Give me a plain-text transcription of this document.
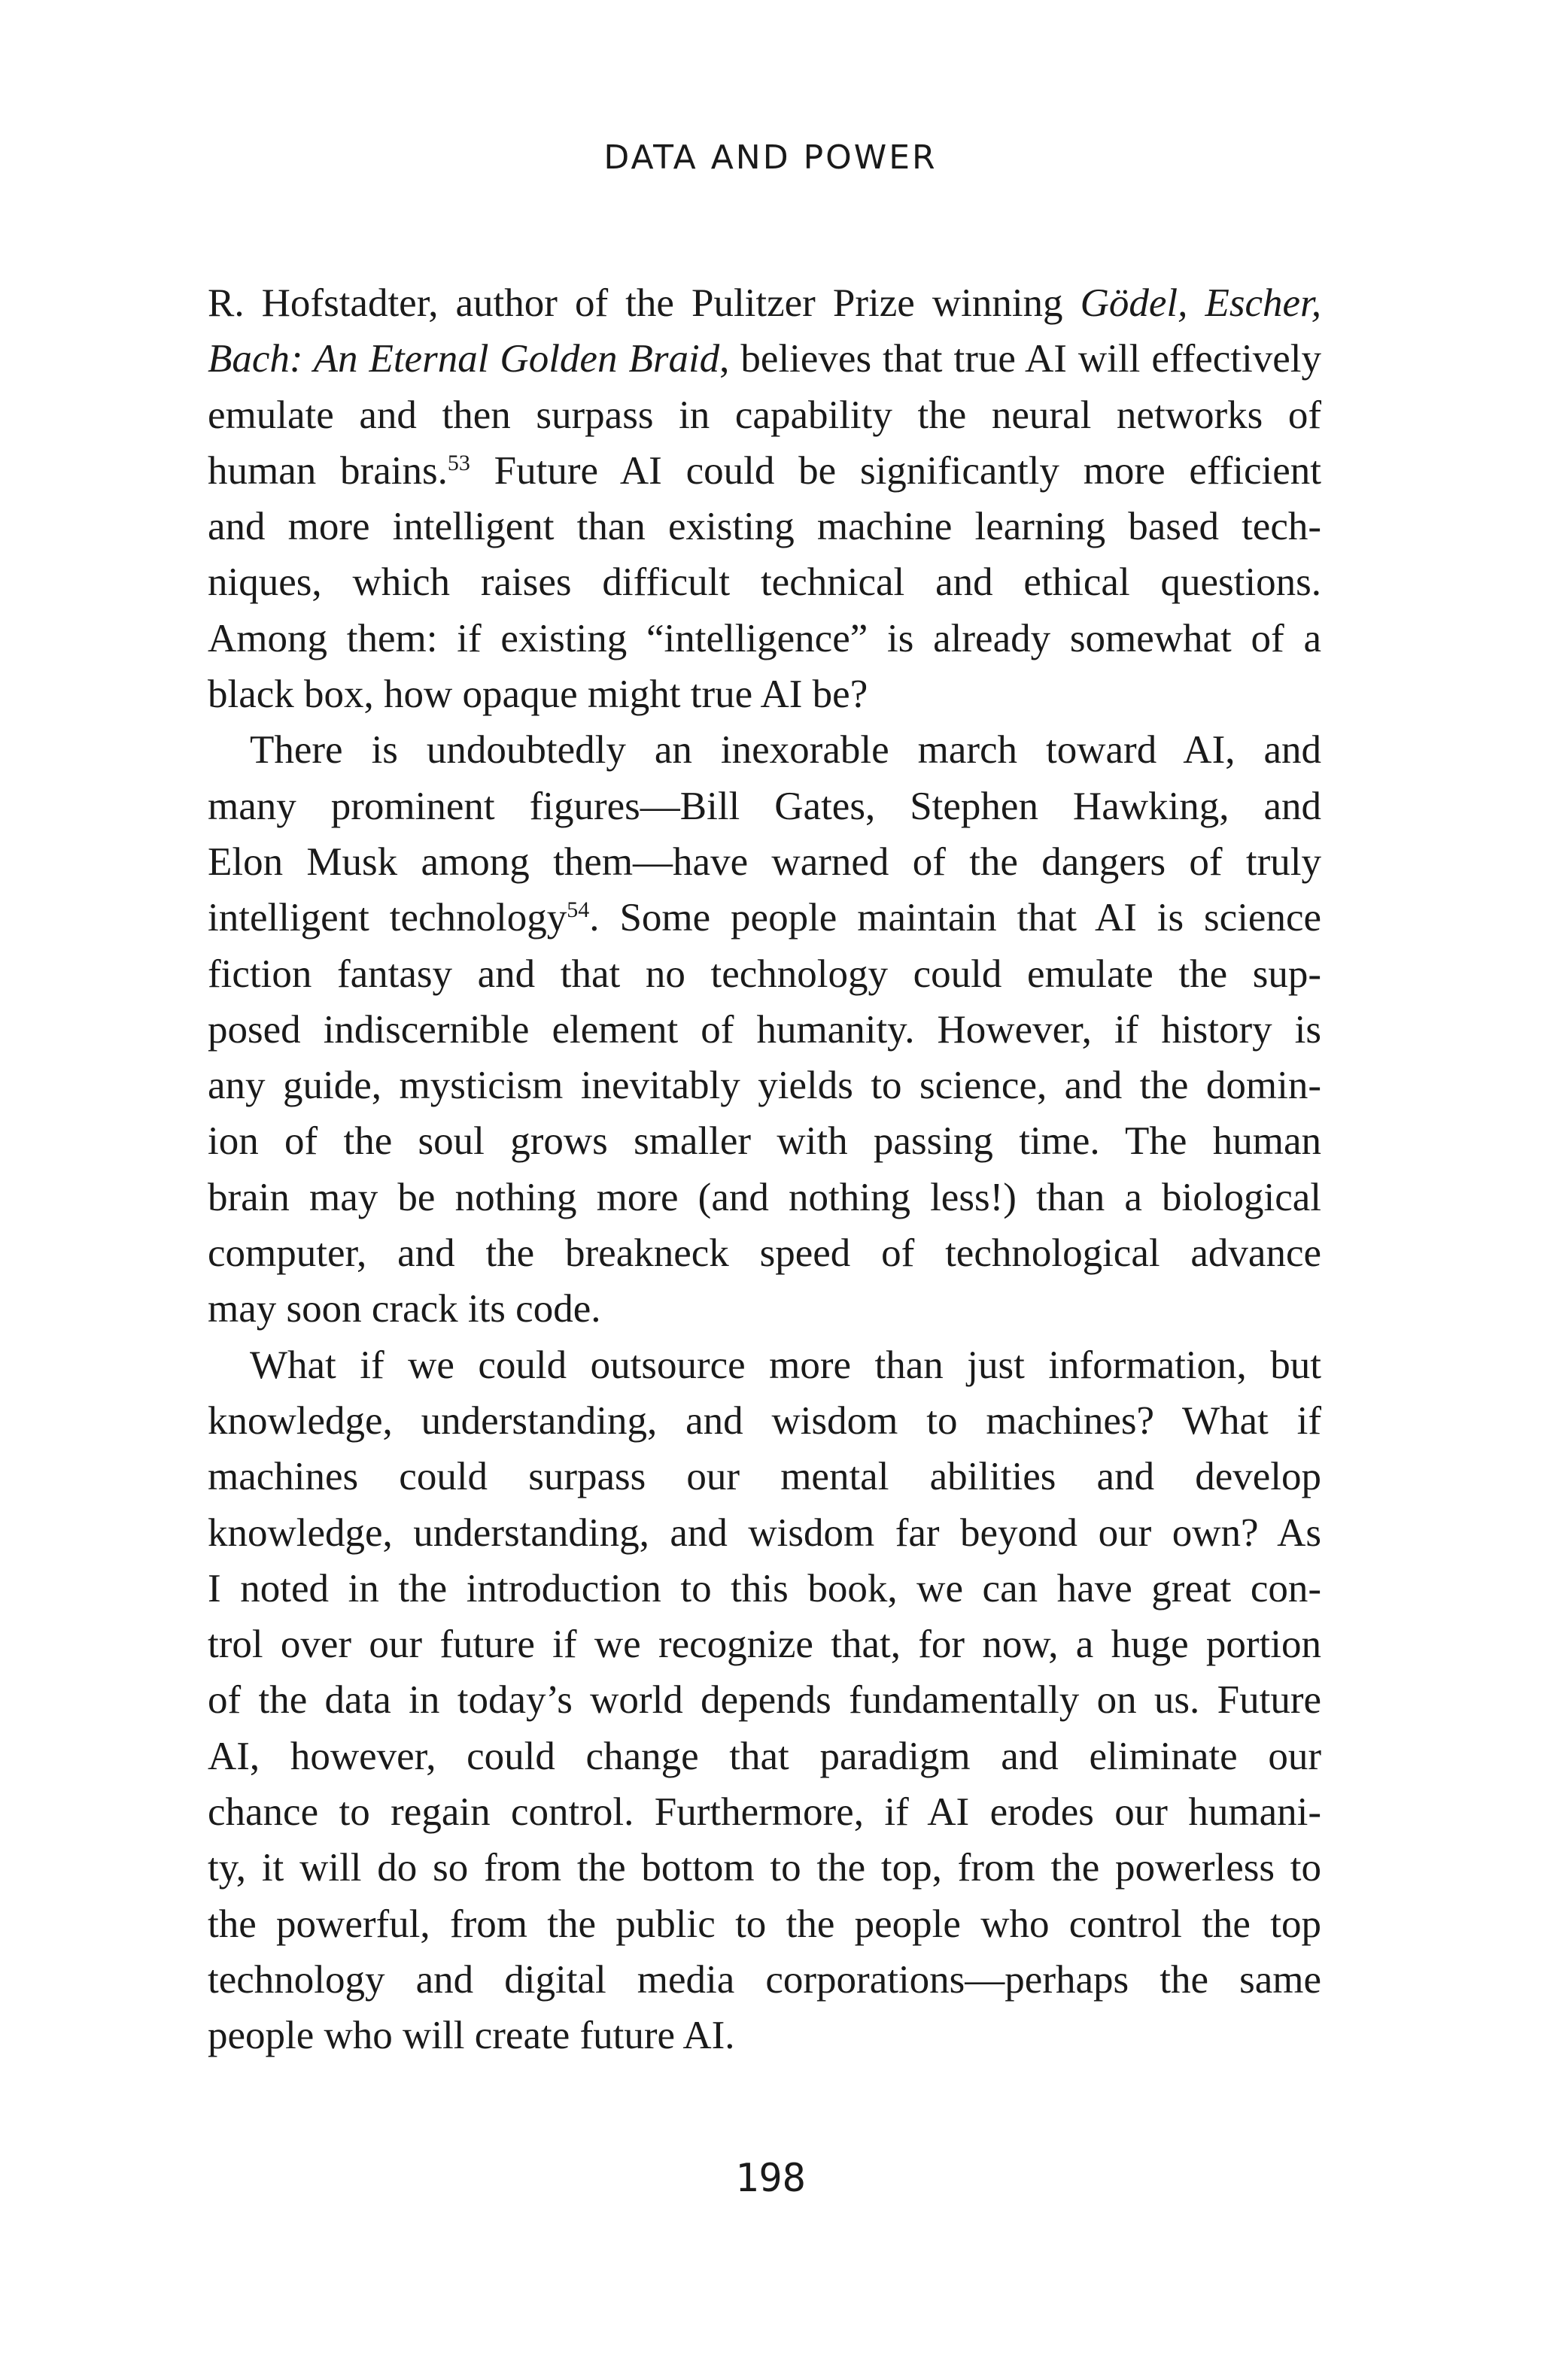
DATA AND POWER
R. Hofstadter, author of the Pulitzer Prize winning Gödel, Escher,
Bach: An Eternal Golden Braid, believes that true AI will effectively
emulate and then surpass in capability the neural networks of
human brains.$^{53}$ Future AI could be significantly more efficient
and more intelligent than existing machine learning based tech-
niques, which raises difficult technical and ethical questions.
Among them: if existing “intelligence” is already somewhat of a
black box, how opaque might true AI be?
There is undoubtedly an inexorable march toward AI, and
many prominent figures—Bill Gates, Stephen Hawking, and
Elon Musk among them—have warned of the dangers of truly
intelligent technology$^{54}$. Some people maintain that AI is science
fiction fantasy and that no technology could emulate the sup-
posed indiscernible element of humanity. However, if history is
any guide, mysticism inevitably yields to science, and the domin-
ion of the soul grows smaller with passing time. The human
brain may be nothing more (and nothing less!) than a biological
computer, and the breakneck speed of technological advance
may soon crack its code.
What if we could outsource more than just information, but
knowledge, understanding, and wisdom to machines? What if
machines could surpass our mental abilities and develop
knowledge, understanding, and wisdom far beyond our own? As
I noted in the introduction to this book, we can have great con-
trol over our future if we recognize that, for now, a huge portion
of the data in today’s world depends fundamentally on us. Future
AI, however, could change that paradigm and eliminate our
chance to regain control. Furthermore, if AI erodes our humani-
ty, it will do so from the bottom to the top, from the powerless to
the powerful, from the public to the people who control the top
technology and digital media corporations—perhaps the same
people who will create future AI.
198
